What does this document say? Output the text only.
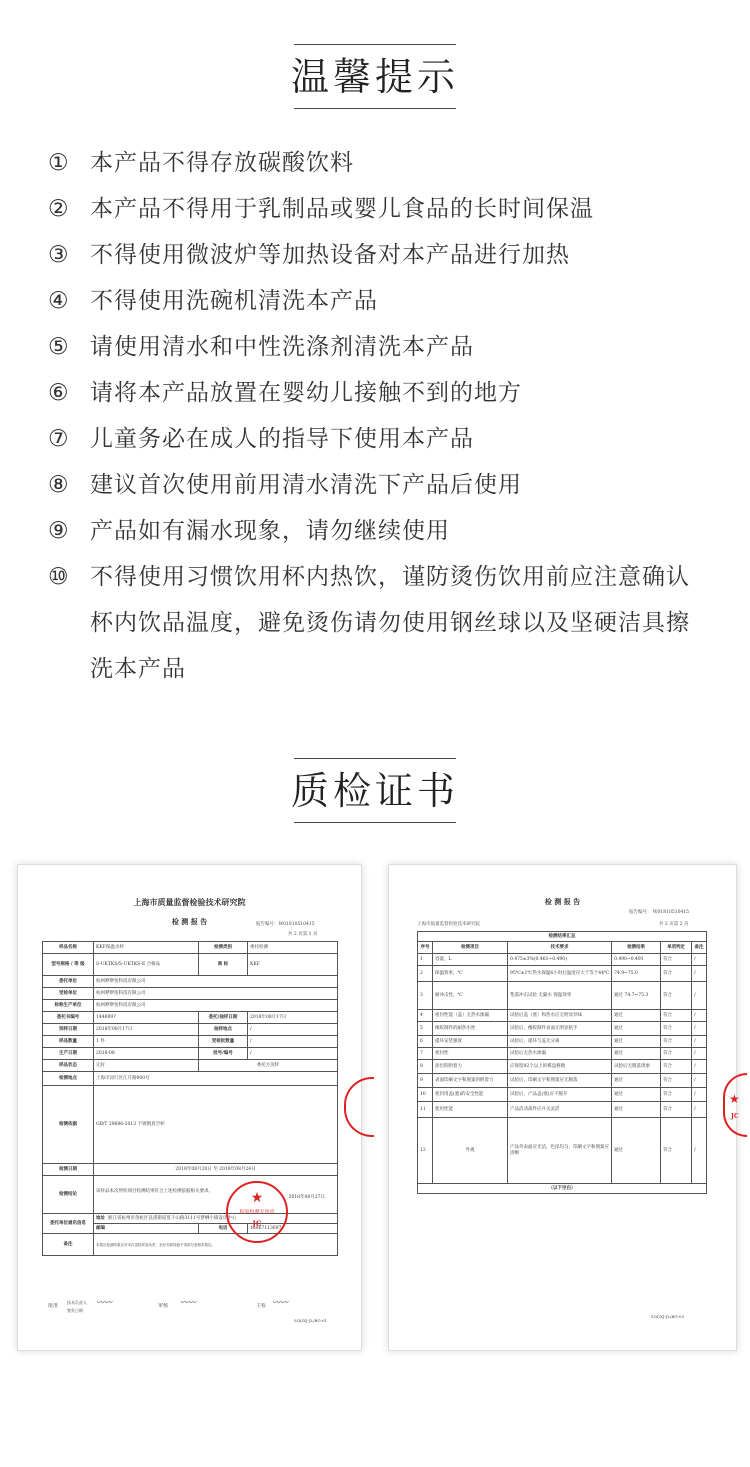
温馨提示
① 本产品不得存放碳酸饮料
② 本产品不得用于乳制品或婴儿食品的长时间保温
③ 不得使用微波炉等加热设备对本产品进行加热
④ 不得使用洗碗机清洗本产品
⑤ 请使用清水和中性洗涤剂清洗本产品
⑥ 请将本产品放置在婴幼儿接触不到的地方
⑦ 儿童务必在成人的指导下使用本产品
⑧ 建议首次使用前用清水清洗下产品后使用
⑨ 产品如有漏水现象，请勿继续使用
⑩ 不得使用习惯饮用杯内热饮，谨防烫伤饮用前应注意确认杯内饮品温度，避免烫伤请勿使用钢丝球以及坚硬洁具擦洗本产品
质检证书
上海市质量监督检验技术研究院
检 测 报 告	报告编号：W01810510415
共 2 页第 1 页
样品名称	KKF保温水杯	检测类别	委托检测
型号规格 / 等 级	S-UKTKS/S-UKTKS-E 合格品	商 标	KKF
委托单位	杭州咿咿鱼科技有限公司		
受检单位	杭州咿咿鱼科技有限公司		
标称生产单位	杭州咿咿鱼科技有限公司		
委托书编号	1446997	委托/抽样日期	2018年08月17日
到样日期	2018年08月17日	抽样地点	/
样品数量	1 件	受检批数量	/
生产日期	2018-08	批号/编号	/
样品状态	完好	委托方送样	
检测地点	上海市闵行区江月路900号		
检测依据	GB/T 29606-2013 不锈钢真空杯		
检测日期	2018年08月20日 至 2018年08月24日		
检测结论	该样品本次所检项目检测结果符合上述检测依据相关要求。
2018年08月27日		

委托单位通讯信息	地址 浙江省杭州市余杭区良渚街道莫干山路3111号梦栖小镇设计中心		
	邮编	电话	15867113697
备注	本报告检测结果仅对本次送检样品负责，未经书面同意不得部分复制本报告。		
批准
技术负责人
签发日期
〰〰	审核 〰〰	主检 〰〰
SQI/XJ-JL/BG-01
★
检验检测专用章
JC
检 测 报 告
报告编号： W01810510415
上海市质量监督检验技术研究院	共 2 页第 2 页
检测结果汇总					
序号	检测项目	技术要求	检测结果	单项判定	备注
1	容量，L	0.475±3%(0.461~0.490)	0.490~0.491	符合	/
2	保温效率，℃	95℃±1℃热水保温6小时后温度应大于等于44℃	74.9~75.0	符合	/
3	耐冲击性，℃	垫落冲击试验 无漏水 保温效率	通过 74.7~75.3	符合	/
4	密封性能（盖）无热水渗漏	试验后盖（塞）和热水应无明显异味	通过	符合	/
5	橡胶制件的耐热水性	试验后，橡胶制件表面无明显粘手	通过	符合	/
6	提环安装强度	试验后，提环与盖无分离	通过	符合	/
7	密封性	试验后无热水渗漏	通过	符合	/
8	涂层的附着力	应保留92个以上的棋盘格数	试验后无脱落现象	符合	/
9	表面印刷文字和图案的附着力	试验后，印刷文字和图案应无脱落	通过	符合	/
10	密封用盖(塞)的安全性能	试验后，产品盖(塞)应不脱开	通过	符合	/
11	使用性能	产品活动部件应开关灵活	通过	符合	/
12	外观	产品外表面应光洁，色泽均匀，印刷文字和图案应清晰	通过	符合	/
（以下空白）					
SQI/XJ-JL/BG-03
★
JC
